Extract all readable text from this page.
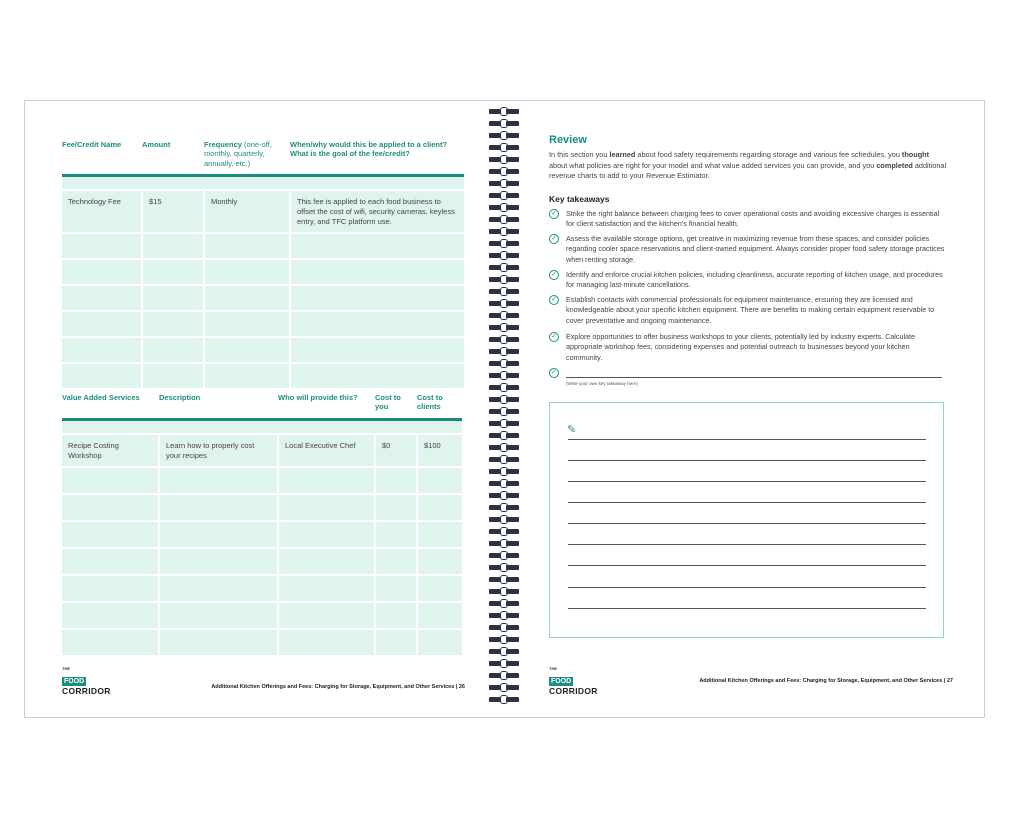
Fee/Credit Name	Amount	Frequency (one-off, monthly, quarterly, annually, etc.)	When/why would this be applied to a client? What is the goal of the fee/credit?

Technology Fee	$15	Monthly	This fee is applied to each food business to offset the cost of wifi, security cameras, keyless entry, and TFC platform use.

Value Added Services	Description	Who will provide this?	Cost to you	Cost to clients

Recipe Costing Workshop	Learn how to properly cost your recipes	Local Executive Chef	$0	$100

THE
FOOD
CORRIDOR	Additional Kitchen Offerings and Fees: Charging for Storage, Equipment, and Other Services | 26
Review
In this section you learned about food safety requirements regarding storage and various fee schedules, you thought about what policies are right for your model and what value added services you can provide, and you completed additional revenue charts to add to your Revenue Estimator.
Key takeaways
✓ Strike the right balance between charging fees to cover operational costs and avoiding excessive charges is essential for client satisfaction and the kitchen's financial health.
✓ Assess the available storage options, get creative in maximizing revenue from these spaces, and consider policies regarding cooler space reservations and client-owned equipment. Always consider proper food safety storage practices when renting storage.
✓ Identify and enforce crucial kitchen policies, including cleanliness, accurate reporting of kitchen usage, and procedures for managing last-minute cancellations.
✓ Establish contacts with commercial professionals for equipment maintenance, ensuring they are licensed and knowledgeable about your specific kitchen equipment. There are benefits to making certain equipment reservable to cover preventative and ongoing maintenance.
✓ Explore opportunities to offer business workshops to your clients, potentially led by industry experts. Calculate appropriate workshop fees, considering expenses and potential outreach to businesses beyond your kitchen community.
✓
(Write your own key takeaway here)
✎
THE
FOOD
CORRIDOR
Additional Kitchen Offerings and Fees: Charging for Storage, Equipment, and Other Services | 27
